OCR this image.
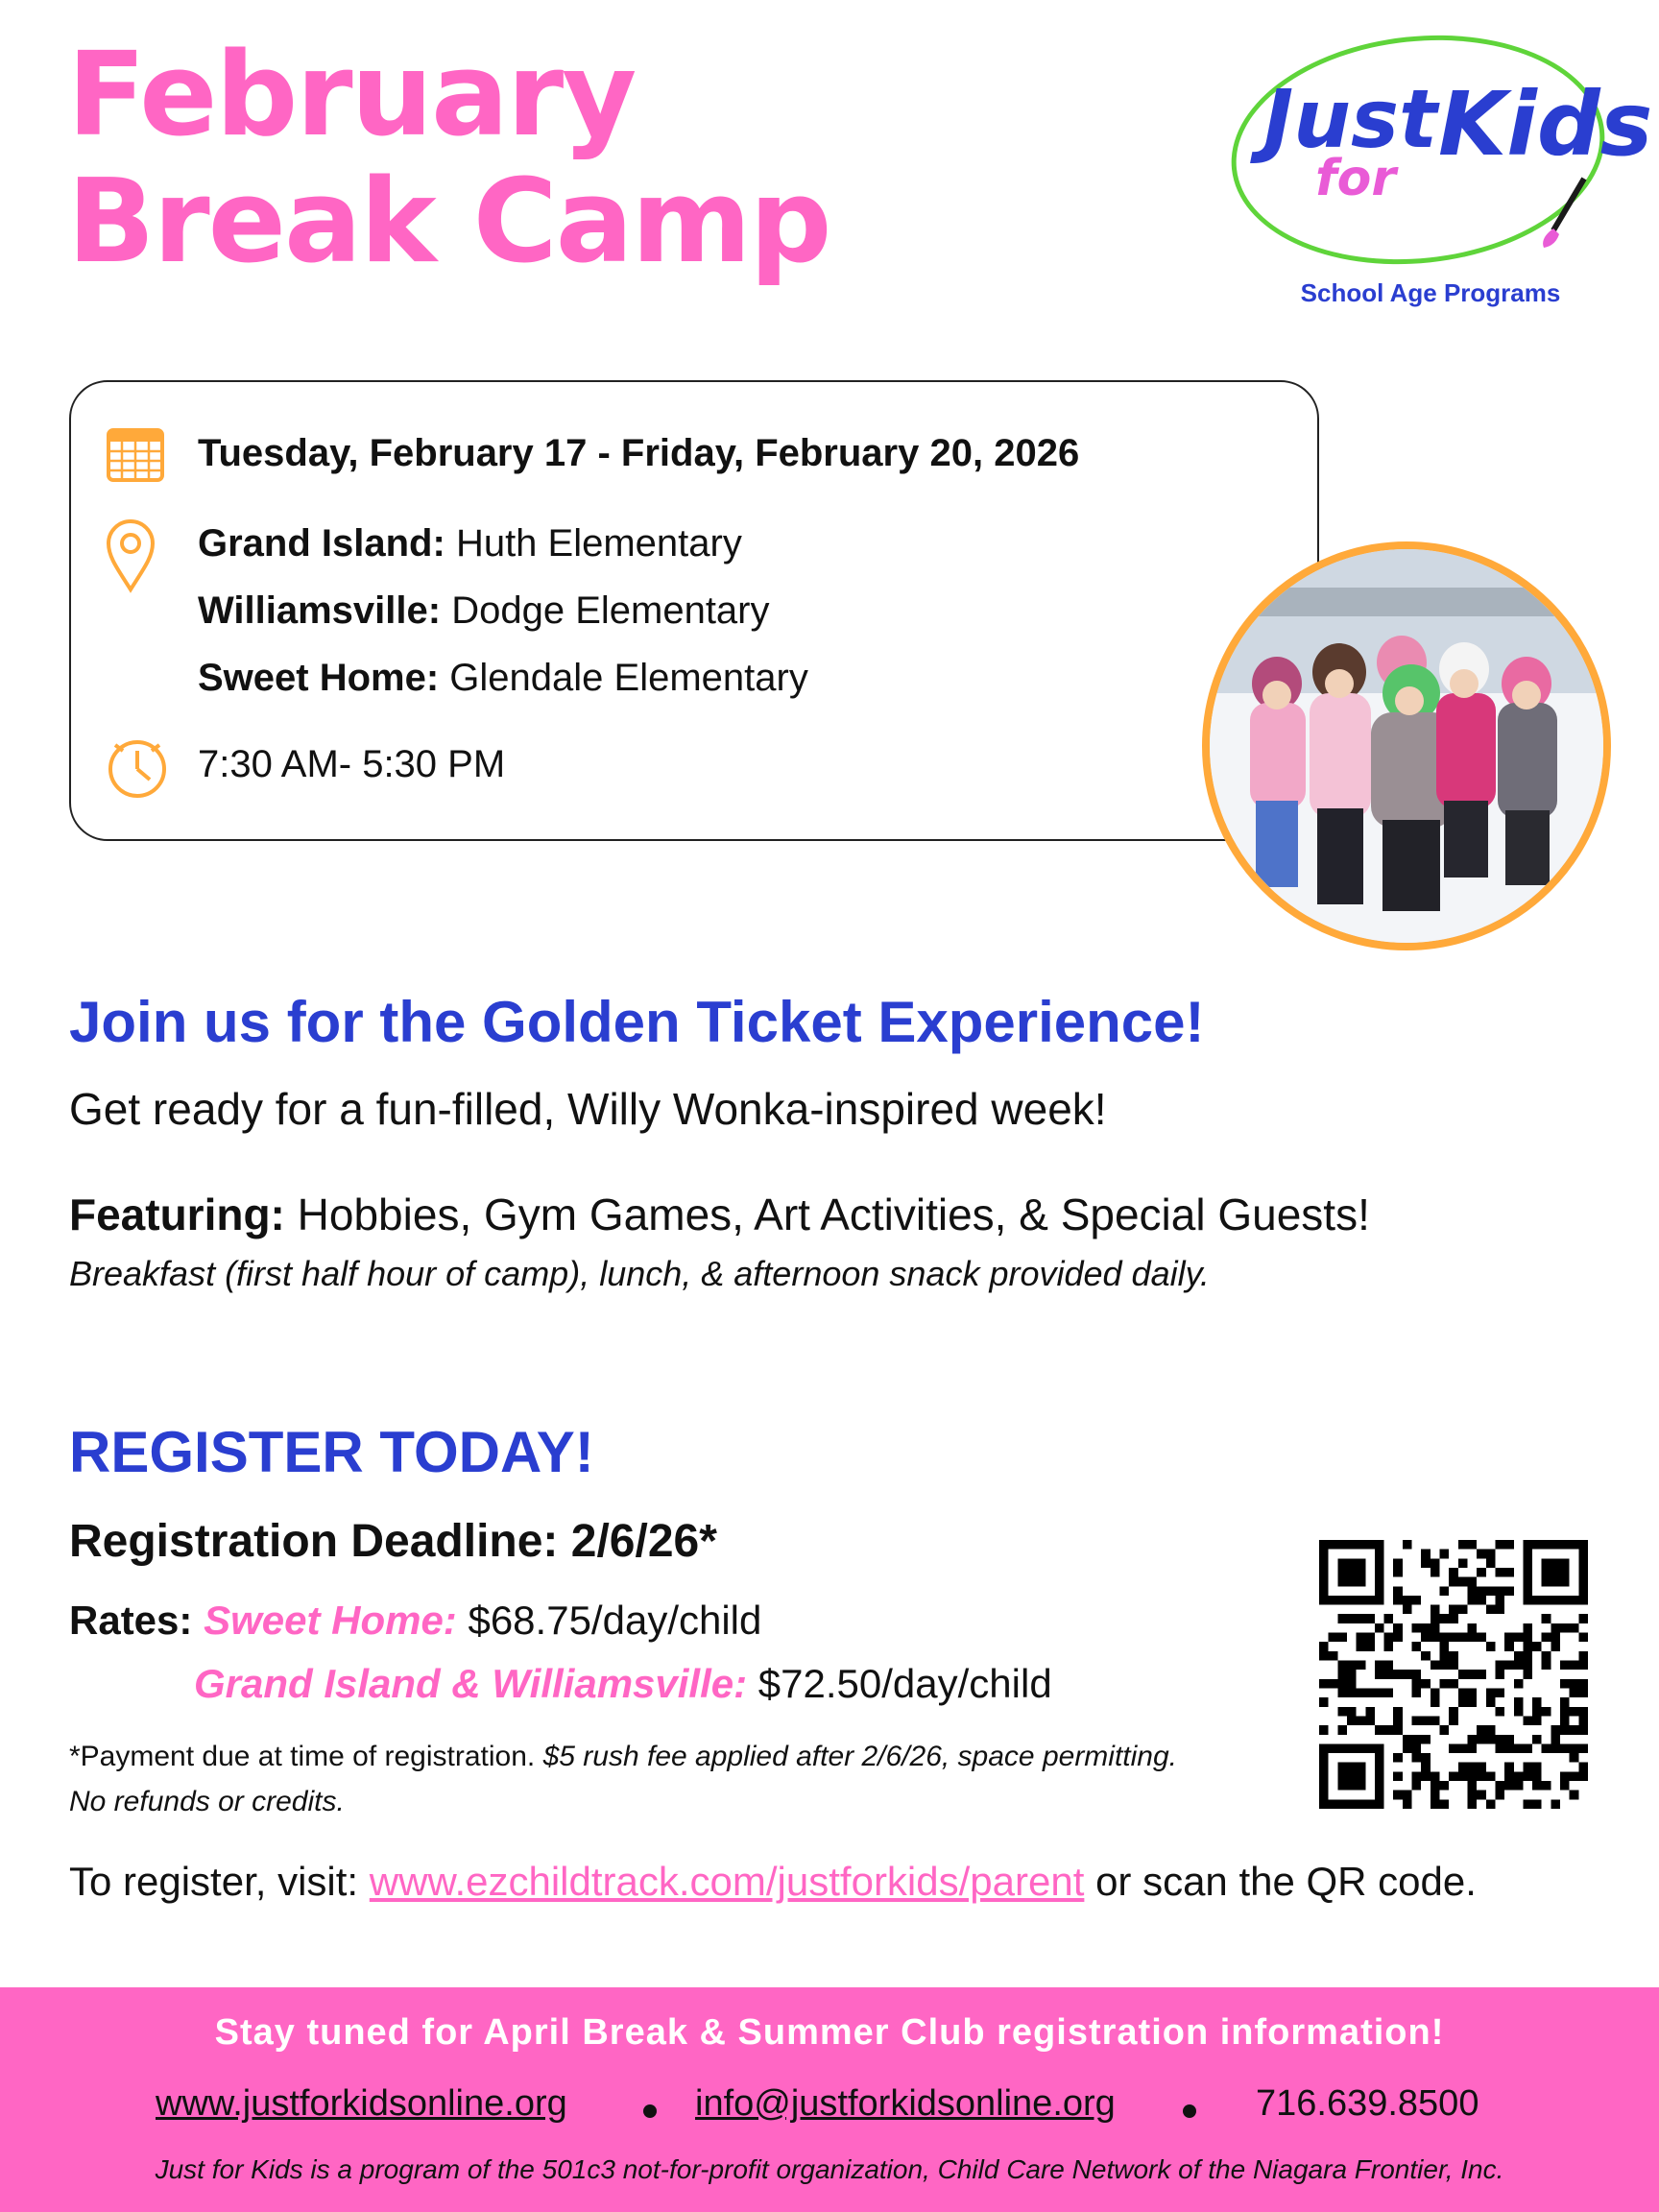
February
Break Camp
Just Kids
for
School Age Programs
Tuesday, February 17 - Friday, February 20, 2026
Grand Island: Huth Elementary
Williamsville: Dodge Elementary
Sweet Home: Glendale Elementary
7:30 AM- 5:30 PM
Join us for the Golden Ticket Experience!
Get ready for a fun-filled, Willy Wonka-inspired week!
Featuring: Hobbies, Gym Games, Art Activities, & Special Guests!
Breakfast (first half hour of camp), lunch, & afternoon snack provided daily.
REGISTER TODAY!
Registration Deadline: 2/6/26*
Rates: Sweet Home: $68.75/day/child
Grand Island & Williamsville: $72.50/day/child
*Payment due at time of registration. $5 rush fee applied after 2/6/26, space permitting. No refunds or credits.
To register, visit: www.ezchildtrack.com/justforkids/parent or scan the QR code.
Stay tuned for April Break & Summer Club registration information!
www.justforkidsonline.org	info@justforkidsonline.org	716.639.8500
Just for Kids is a program of the 501c3 not-for-profit organization, Child Care Network of the Niagara Frontier, Inc.
